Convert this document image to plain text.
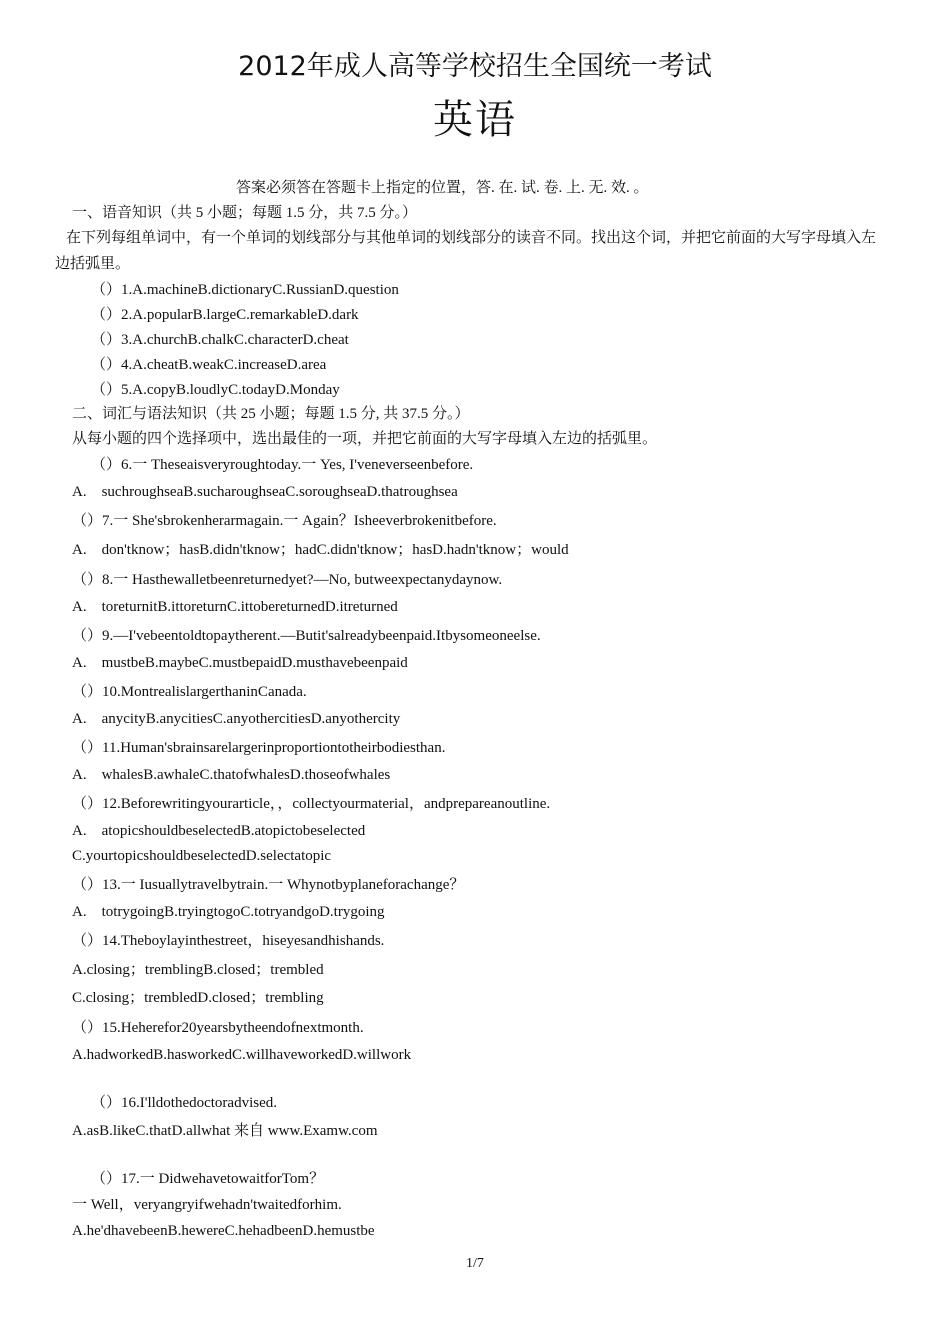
2012年成人高等学校招生全国统一考试
英语
答案必须答在答题卡上指定的位置，答. 在. 试. 卷. 上. 无. 效. 。
一、语音知识（共 5 小题；每题 1.5 分，共 7.5 分。）
在下列每组单词中，有一个单词的划线部分与其他单词的划线部分的读音不同。找出这个词，并把它前面的大写字母填入左边括弧里。
（）1.A.machineB.dictionaryC.RussianD.question
（）2.A.popularB.largeC.remarkableD.dark
（）3.A.churchB.chalkC.characterD.cheat
（）4.A.cheatB.weakC.increaseD.area
（）5.A.copyB.loudlyC.todayD.Monday
二、词汇与语法知识（共 25 小题；每题 1.5 分, 共 37.5 分。）
从每小题的四个选择项中，选出最佳的一项，并把它前面的大写字母填入左边的括弧里。
（）6.一 Theseaisveryroughtoday.一 Yes, I'veneverseenbefore.
A.　suchroughseaB.sucharoughseaC.soroughseaD.thatroughsea
（）7.一 She'sbrokenherarmagain.一 Again？Isheeverbrokenitbefore.
A.　don'tknow；hasB.didn'tknow；hadC.didn'tknow；hasD.hadn'tknow；would
（）8.一 Hasthewalletbeenreturnedyet?—No, butweexpectanydaynow.
A.　toreturnitB.ittoreturnC.ittobereturnedD.itreturned
（）9.—I'vebeentoldtopaytherent.—Butit'salreadybeenpaid.Itbysomeoneelse.
A.　mustbeB.maybeC.mustbepaidD.musthavebeenpaid
（）10.MontrealislargerthaninCanada.
A.　anycityB.anycitiesC.anyothercitiesD.anyothercity
（）11.Human'sbrainsarelargerinproportiontotheirbodiesthan.
A.　whalesB.awhaleC.thatofwhalesD.thoseofwhales
（）12.Beforewritingyourarticle，，collectyourmaterial，andprepareanoutline.
A.　atopicshouldbeselectedB.atopictobeselected
C.yourtopicshouldbeselectedD.selectatopic
（）13.一 Iusuallytravelbytrain.一 Whynotbyplaneforachange？
A.　totrygoingB.tryingtogoC.totryandgoD.trygoing
（）14.Theboylayinthestreet，hiseyesandhishands.
A.closing；tremblingB.closed；trembled
C.closing；trembledD.closed；trembling
（）15.Heherefor20yearsbytheendofnextmonth.
A.hadworkedB.hasworkedC.willhaveworkedD.willwork
（）16.I'lldothedoctoradvised.
A.asB.likeC.thatD.allwhat 来自 www.Examw.com
（）17.一 DidwehavetowaitforTom？
一 Well，veryangryifwehadn'twaitedforhim.
A.he'dhavebeenB.hewereC.hehadbeenD.hemustbe
1/7
